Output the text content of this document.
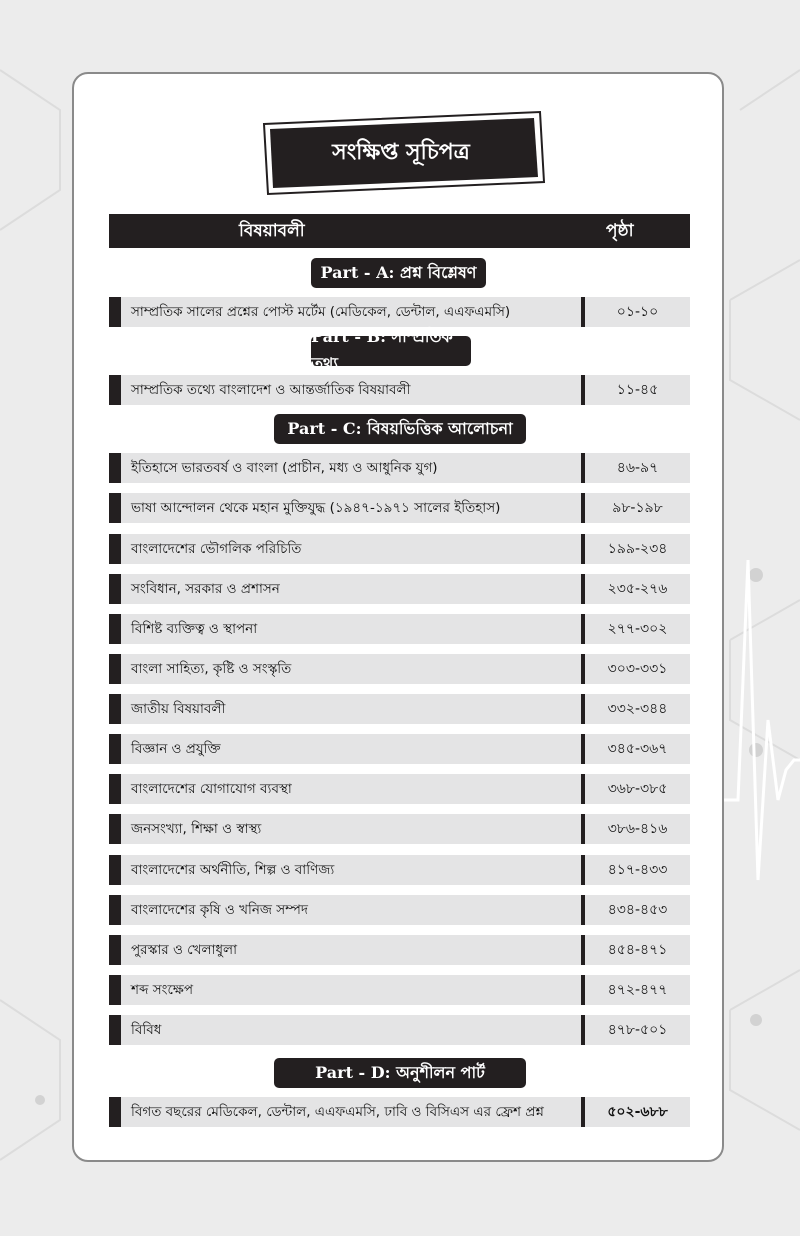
সংক্ষিপ্ত সূচিপত্র
বিষয়াবলী	পৃষ্ঠা
Part - A: প্রশ্ন বিশ্লেষণ
সাম্প্রতিক সালের প্রশ্নের পোস্ট মর্টেম (মেডিকেল, ডেন্টাল, এএফএমসি)	০১-১০
Part - B: সাম্প্রতিক তথ্য
সাম্প্রতিক তথ্যে বাংলাদেশ ও আন্তর্জাতিক বিষয়াবলী	১১-৪৫
Part - C: বিষয়ভিত্তিক আলোচনা
ইতিহাসে ভারতবর্ষ ও বাংলা (প্রাচীন, মধ্য ও আধুনিক যুগ)	৪৬-৯৭
ভাষা আন্দোলন থেকে মহান মুক্তিযুদ্ধ (১৯৪৭-১৯৭১ সালের ইতিহাস)	৯৮-১৯৮
বাংলাদেশের ভৌগলিক পরিচিতি	১৯৯-২৩৪
সংবিধান, সরকার ও প্রশাসন	২৩৫-২৭৬
বিশিষ্ট ব্যক্তিত্ব ও স্থাপনা	২৭৭-৩০২
বাংলা সাহিত্য, কৃষ্টি ও সংস্কৃতি	৩০৩-৩৩১
জাতীয় বিষয়াবলী	৩৩২-৩৪৪
বিজ্ঞান ও প্রযুক্তি	৩৪৫-৩৬৭
বাংলাদেশের যোগাযোগ ব্যবস্থা	৩৬৮-৩৮৫
জনসংখ্যা, শিক্ষা ও স্বাস্থ্য	৩৮৬-৪১৬
বাংলাদেশের অর্থনীতি, শিল্প ও বাণিজ্য	৪১৭-৪৩৩
বাংলাদেশের কৃষি ও খনিজ সম্পদ	৪৩৪-৪৫৩
পুরস্কার ও খেলাধুলা	৪৫৪-৪৭১
শব্দ সংক্ষেপ	৪৭২-৪৭৭
বিবিধ	৪৭৮-৫০১
Part - D: অনুশীলন পার্ট
বিগত বছরের মেডিকেল, ডেন্টাল, এএফএমসি, ঢাবি ও বিসিএস এর ফ্রেশ প্রশ্ন	৫০২-৬৮৮
